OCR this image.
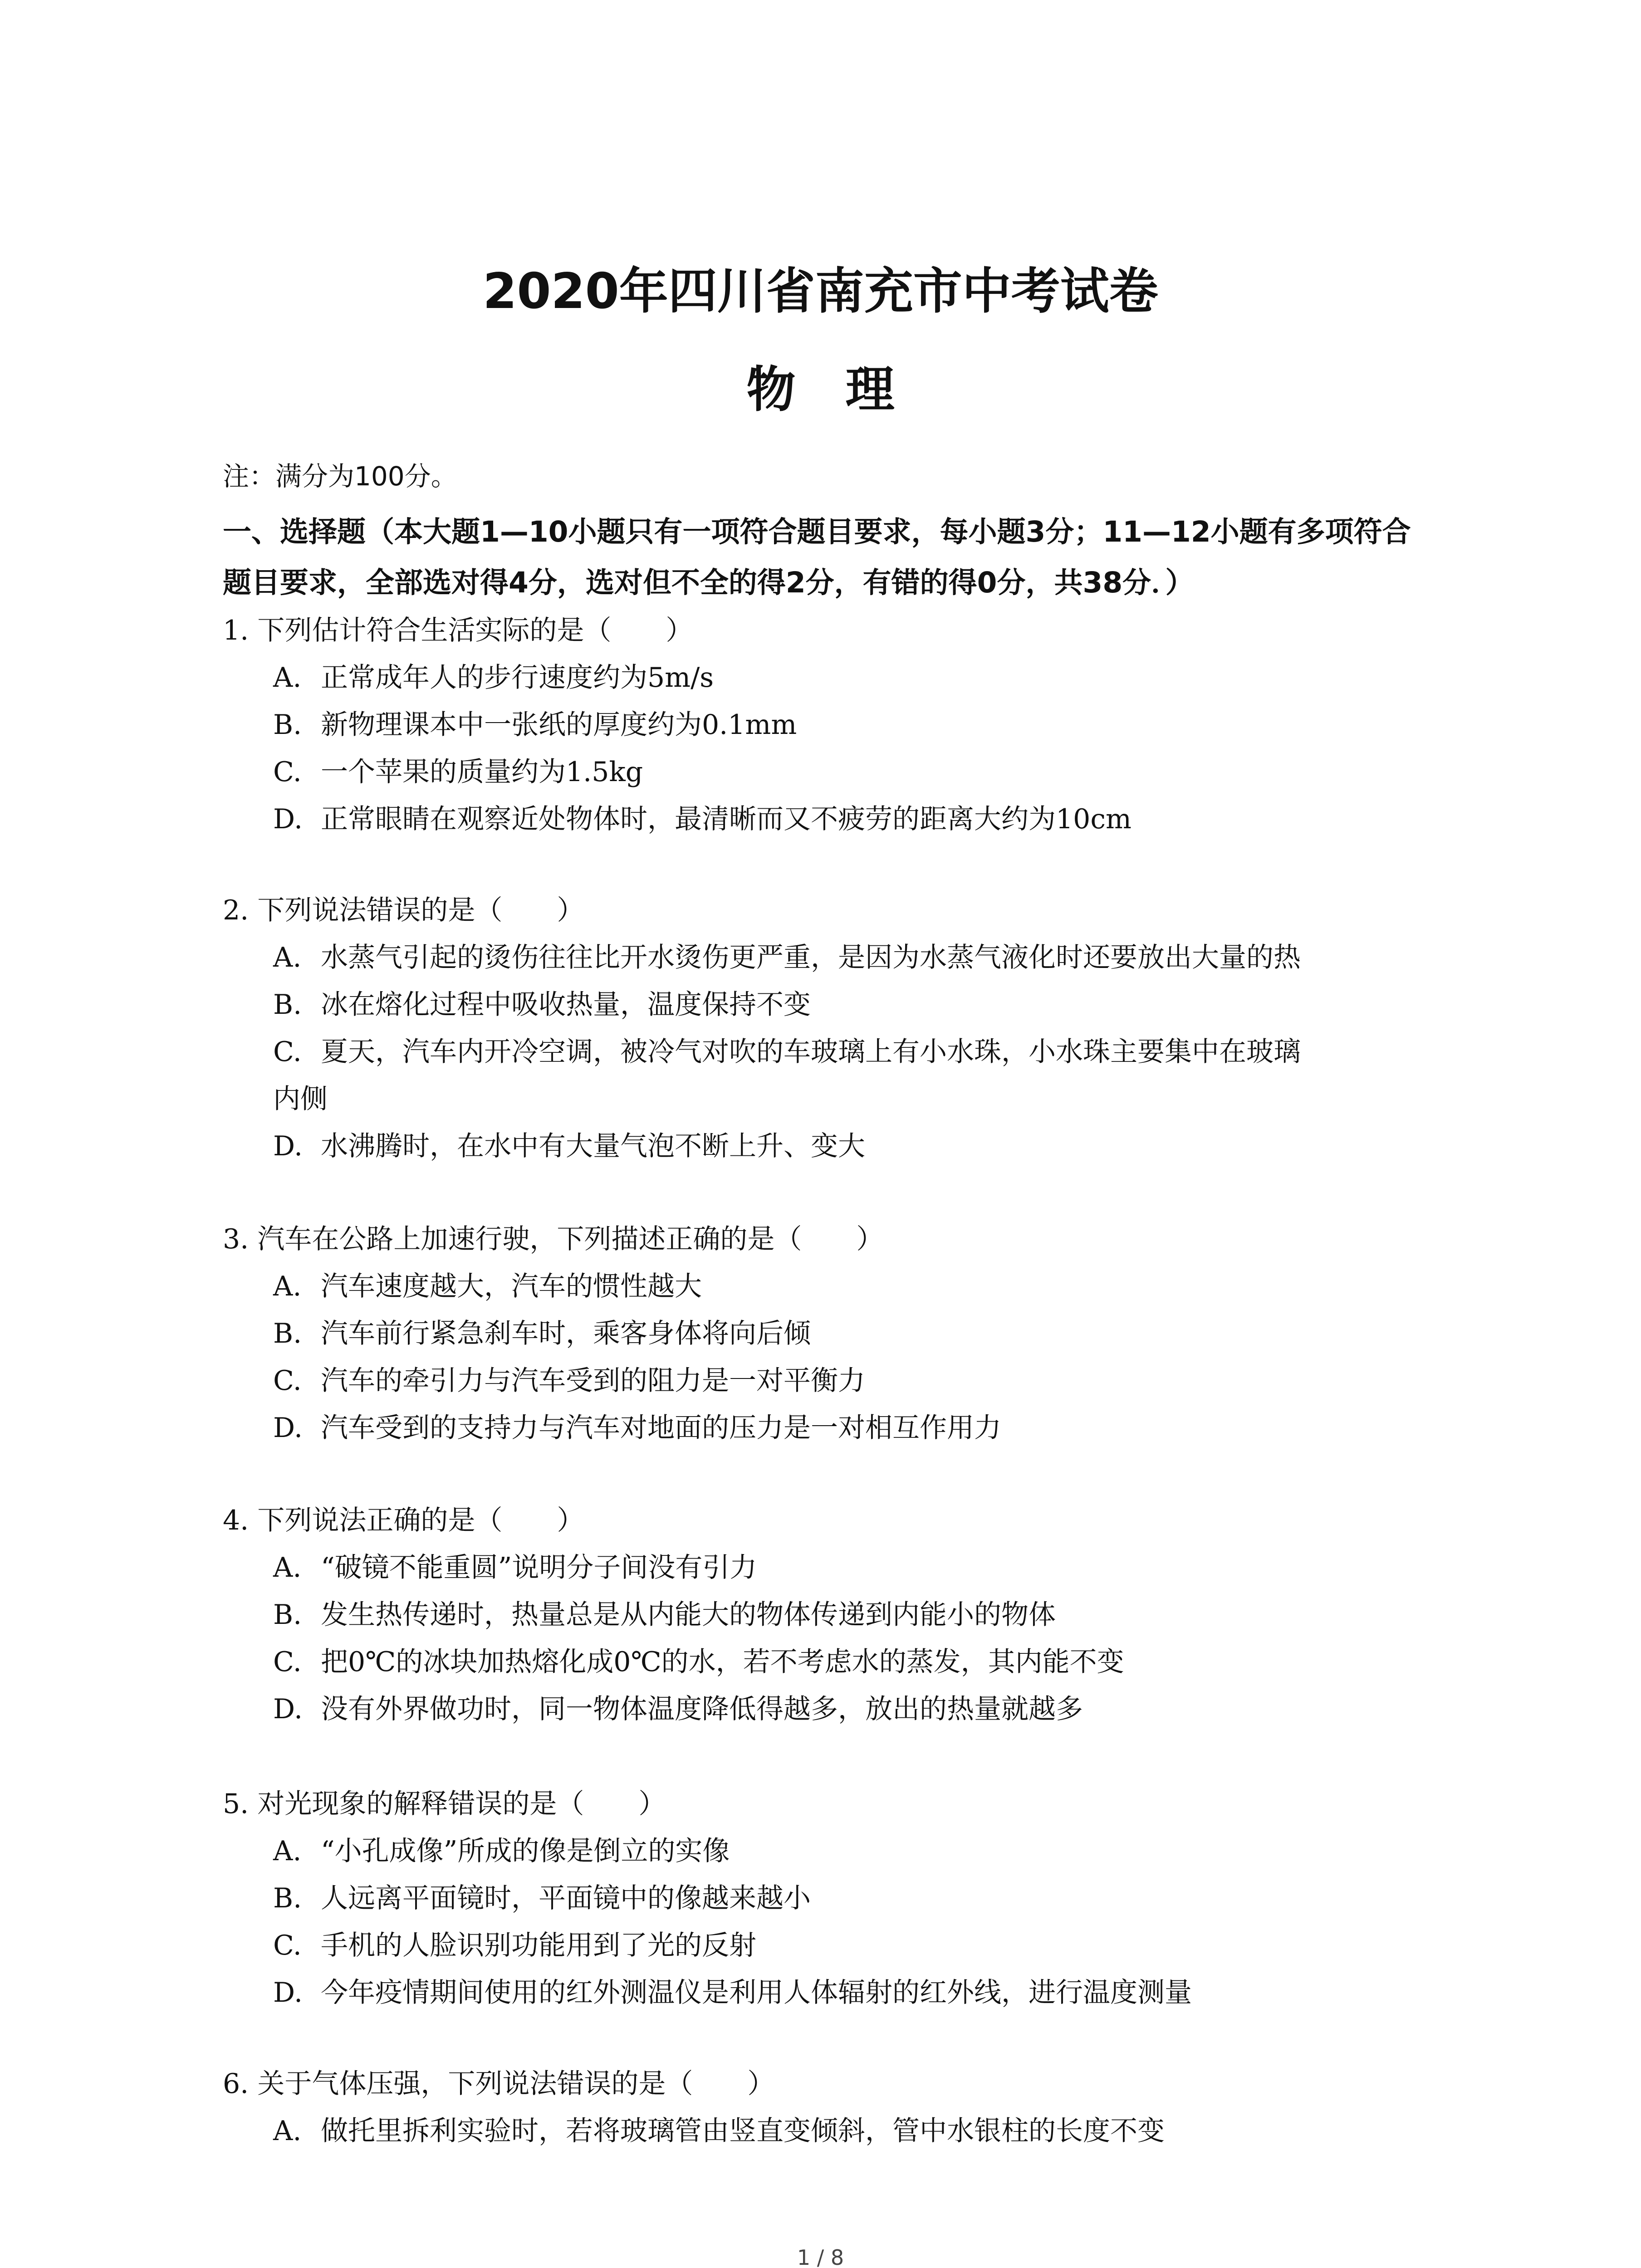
2020年四川省南充市中考试卷
物理
注：满分为100分。
一、选择题（本大题1—10小题只有一项符合题目要求，每小题3分；11—12小题有多项符合
题目要求，全部选对得4分，选对但不全的得2分，有错的得0分，共38分．）
1. 下列估计符合生活实际的是（　　）
A. 正常成年人的步行速度约为5m/s
B. 新物理课本中一张纸的厚度约为0.1mm
C. 一个苹果的质量约为1.5kg
D. 正常眼睛在观察近处物体时，最清晰而又不疲劳的距离大约为10cm
2. 下列说法错误的是（　　）
A. 水蒸气引起的烫伤往往比开水烫伤更严重，是因为水蒸气液化时还要放出大量的热
B. 冰在熔化过程中吸收热量，温度保持不变
C. 夏天，汽车内开冷空调，被冷气对吹的车玻璃上有小水珠，小水珠主要集中在玻璃
内侧
D. 水沸腾时，在水中有大量气泡不断上升、变大
3. 汽车在公路上加速行驶，下列描述正确的是（　　）
A. 汽车速度越大，汽车的惯性越大
B. 汽车前行紧急刹车时，乘客身体将向后倾
C. 汽车的牵引力与汽车受到的阻力是一对平衡力
D. 汽车受到的支持力与汽车对地面的压力是一对相互作用力
4. 下列说法正确的是（　　）
A. “破镜不能重圆”说明分子间没有引力
B. 发生热传递时，热量总是从内能大的物体传递到内能小的物体
C. 把0℃的冰块加热熔化成0℃的水，若不考虑水的蒸发，其内能不变
D. 没有外界做功时，同一物体温度降低得越多，放出的热量就越多
5. 对光现象的解释错误的是（　　）
A. “小孔成像”所成的像是倒立的实像
B. 人远离平面镜时，平面镜中的像越来越小
C. 手机的人脸识别功能用到了光的反射
D. 今年疫情期间使用的红外测温仪是利用人体辐射的红外线，进行温度测量
6. 关于气体压强，下列说法错误的是（　　）
A. 做托里拆利实验时，若将玻璃管由竖直变倾斜，管中水银柱的长度不变
1 / 8
